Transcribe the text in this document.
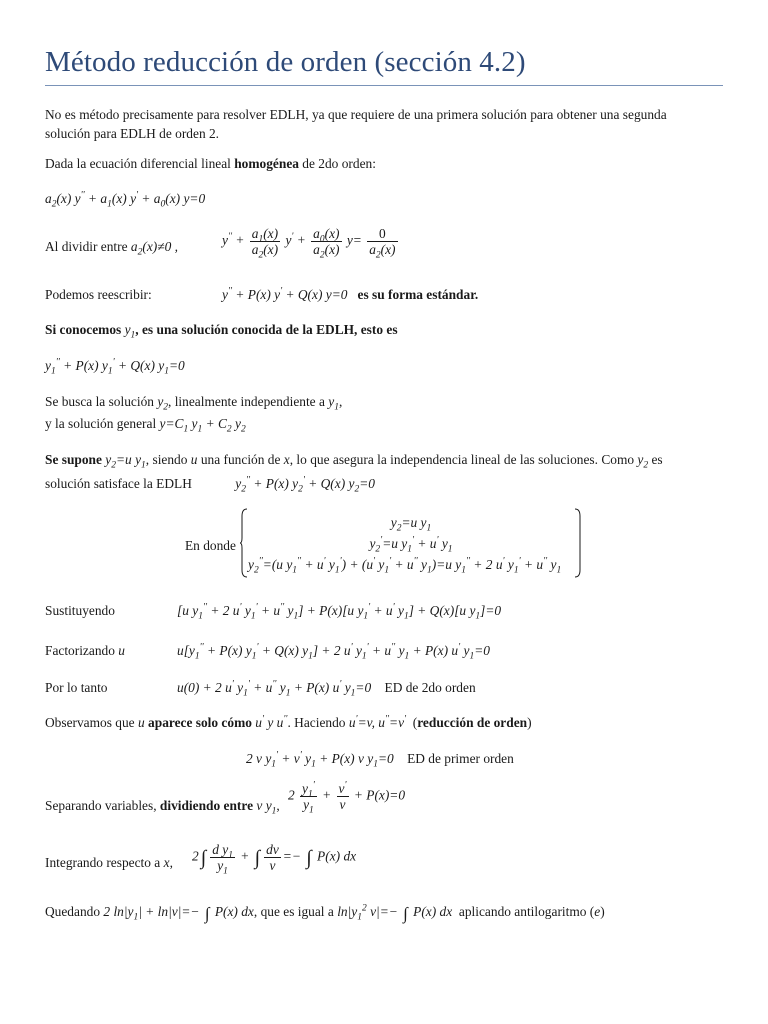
Método reducción de orden (sección 4.2)
No es método precisamente para resolver EDLH, ya que requiere de una primera solución para obtener una segunda
solución para EDLH de orden 2.
Dada la ecuación diferencial lineal homogénea de 2do orden:
$a_2(x) y'' + a_1(x) y' + a_0(x)$ y=0
Al dividir entre $a_2(x)\ne 0$ ,	$y'' + \frac{a_1(x)}{a_2(x)} y' + \frac{a_0(x)}{a_2(x)} y= \frac{0}{a_2(x)}$
Podemos reescribir:	y'' + P(x) y' + Q(x) y=0 es su forma estándar.
Si conocemos $y_1$, es una solución conocida de la EDLH, esto es
$y_1'' + P(x) y_1' + Q(x)$ $y_1=0$
Se busca la solución $y_2$, linealmente independiente a $y_1$,
y la solución general $y=C_1$ $y_1 + C_2$ $y_2$
Se supone $y_2=u$ $y_1$, siendo u una función de x, lo que asegura la independencia lineal de las soluciones. Como $y_2$ es
solución satisface la EDLH	$y_2'' + P(x) y_2' + Q(x)$ $y_2=0$
En donde
$y_2=u$ $y_1$
$y_2'=u$ $y_1' + u'$ $y_1$
$y_2''=(u$ $y_1'' + u'$ $y_1') + (u'$ $y_1' + u''$ $y_1)=u$ $y_1'' + 2$ u' $y_1' + u''$ $y_1$
Sustituyendo	[u $y_1'' + 2$ u' $y_1' + u''$ $y_1] + P(x)[u$ $y_1' + u'$ $y_1] + Q(x)[u$ $y_1]=0$
Factorizando u	$u[y_1'' + P(x) y_1' + Q(x) y_1] + 2$ u' $y_1' + u''$ $y_1 + P(x)$ u' $y_1=0$
Por lo tanto	u(0) + 2 u' $y_1' + u''$ $y_1 + P(x)$ u' $y_1=0$ ED de 2do orden
Observamos que u aparece solo cómo u' y u''. Haciendo u'=v, u''=v'  (reducción de orden)
2 v $y_1' + v'$ $y_1 + P(x)$ v $y_1=0$ ED de primer orden
Separando variables, dividiendo entre v $y_1$,
$2 \frac{y_1'}{y_1} + \frac{v'}{v} + P(x)=0$
Integrando respecto a x, 2 ∫ $\frac{d y_1}{y_1}$ + ∫ $\frac{dv}{v}$ =− ∫ P(x) dx
Quedando 2 $\ln|y_1| + \ln|v|=-$ ∫ P(x) dx, que es igual a $\ln|y_1^2$ v|=− ∫ P(x) dx aplicando antilogaritmo (e)
